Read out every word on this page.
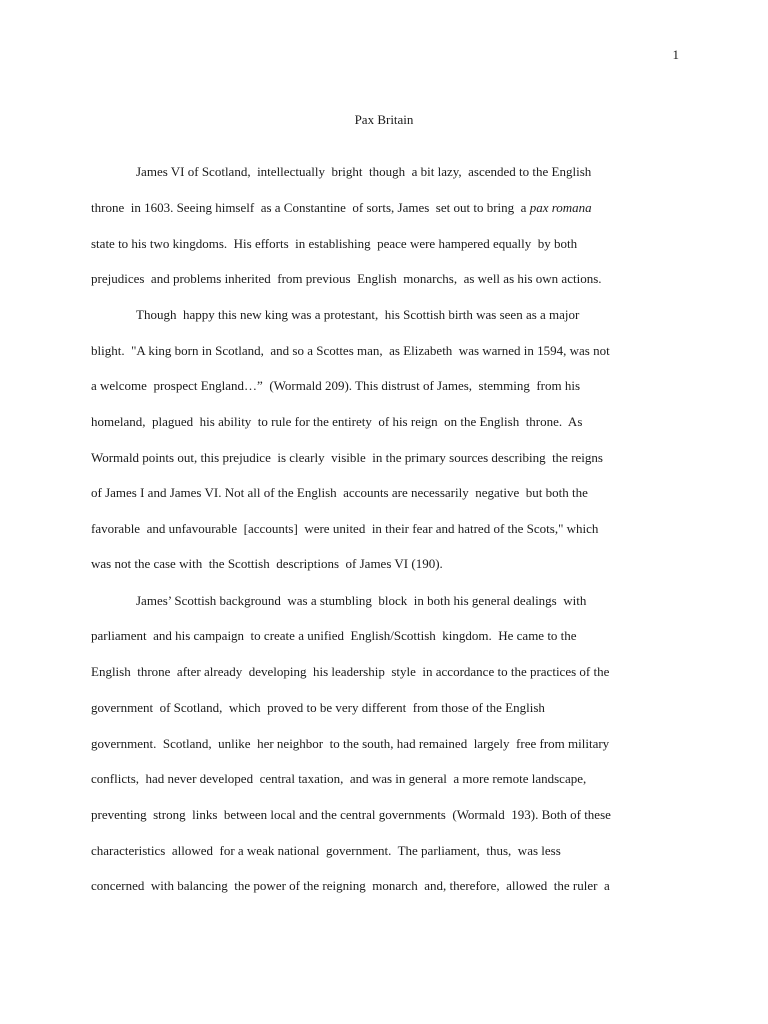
1
Pax Britain
James VI of Scotland,  intellectually  bright  though  a bit lazy,  ascended to the English
throne  in 1603. Seeing himself  as a Constantine  of sorts, James  set out to bring  a pax romana
state to his two kingdoms.  His efforts  in establishing  peace were hampered equally  by both
prejudices  and problems inherited  from previous  English  monarchs,  as well as his own actions.
Though  happy this new king was a protestant,  his Scottish birth was seen as a major
blight.  "A king born in Scotland,  and so a Scottes man,  as Elizabeth  was warned in 1594, was not
a welcome  prospect England…”  (Wormald 209). This distrust of James,  stemming  from his
homeland,  plagued  his ability  to rule for the entirety  of his reign  on the English  throne.  As
Wormald points out, this prejudice  is clearly  visible  in the primary sources describing  the reigns
of James I and James VI. Not all of the English  accounts are necessarily  negative  but both the
favorable  and unfavourable  [accounts]  were united  in their fear and hatred of the Scots," which
was not the case with  the Scottish  descriptions  of James VI (190).
James’ Scottish background  was a stumbling  block  in both his general dealings  with
parliament  and his campaign  to create a unified  English/Scottish  kingdom.  He came to the
English  throne  after already  developing  his leadership  style  in accordance to the practices of the
government  of Scotland,  which  proved to be very different  from those of the English
government.  Scotland,  unlike  her neighbor  to the south, had remained  largely  free from military
conflicts,  had never developed  central taxation,  and was in general  a more remote landscape,
preventing  strong  links  between local and the central governments  (Wormald  193). Both of these
characteristics  allowed  for a weak national  government.  The parliament,  thus,  was less
concerned  with balancing  the power of the reigning  monarch  and, therefore,  allowed  the ruler  a
